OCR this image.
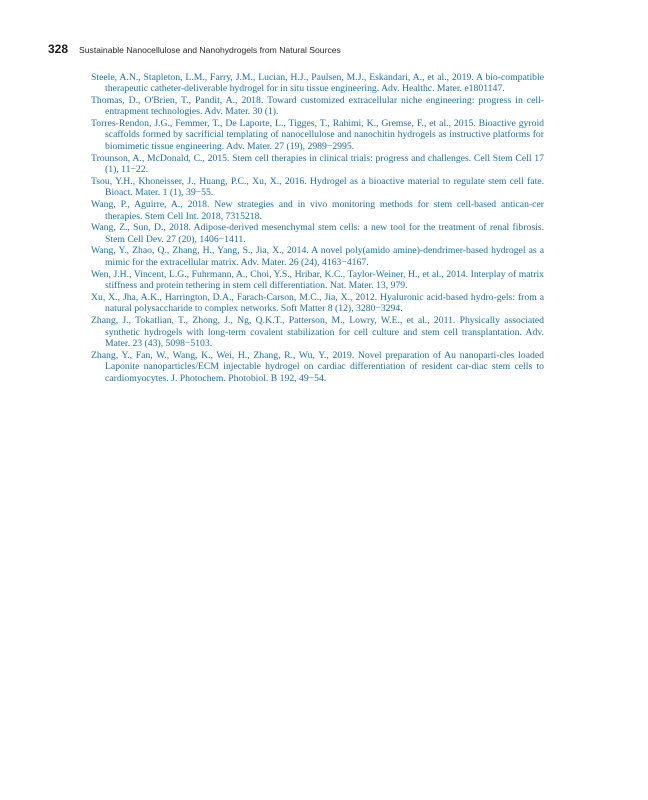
328 Sustainable Nanocellulose and Nanohydrogels from Natural Sources
Steele, A.N., Stapleton, L.M., Farry, J.M., Lucian, H.J., Paulsen, M.J., Eskandari, A., et al., 2019. A bio-compatible therapeutic catheter-deliverable hydrogel for in situ tissue engineering. Adv. Healthc. Mater. e1801147.
Thomas, D., O'Brien, T., Pandit, A., 2018. Toward customized extracellular niche engineering: progress in cell-entrapment technologies. Adv. Mater. 30 (1).
Torres-Rendon, J.G., Femmer, T., De Laporte, L., Tigges, T., Rahimi, K., Gremse, F., et al., 2015. Bioactive gyroid scaffolds formed by sacrificial templating of nanocellulose and nanochitin hydrogels as instructive platforms for biomimetic tissue engineering. Adv. Mater. 27 (19), 2989−2995.
Trounson, A., McDonald, C., 2015. Stem cell therapies in clinical trials: progress and challenges. Cell Stem Cell 17 (1), 11−22.
Tsou, Y.H., Khoneisser, J., Huang, P.C., Xu, X., 2016. Hydrogel as a bioactive material to regulate stem cell fate. Bioact. Mater. 1 (1), 39−55.
Wang, P., Aguirre, A., 2018. New strategies and in vivo monitoring methods for stem cell-based antican-cer therapies. Stem Cell Int. 2018, 7315218.
Wang, Z., Sun, D., 2018. Adipose-derived mesenchymal stem cells: a new tool for the treatment of renal fibrosis. Stem Cell Dev. 27 (20), 1406−1411.
Wang, Y., Zhao, Q., Zhang, H., Yang, S., Jia, X., 2014. A novel poly(amido amine)-dendrimer-based hydrogel as a mimic for the extracellular matrix. Adv. Mater. 26 (24), 4163−4167.
Wen, J.H., Vincent, L.G., Fuhrmann, A., Choi, Y.S., Hribar, K.C., Taylor-Weiner, H., et al., 2014. Interplay of matrix stiffness and protein tethering in stem cell differentiation. Nat. Mater. 13, 979.
Xu, X., Jha, A.K., Harrington, D.A., Farach-Carson, M.C., Jia, X., 2012. Hyaluronic acid-based hydro-gels: from a natural polysaccharide to complex networks. Soft Matter 8 (12), 3280−3294.
Zhang, J., Tokatlian, T., Zhong, J., Ng, Q.K.T., Patterson, M., Lowry, W.E., et al., 2011. Physically associated synthetic hydrogels with long-term covalent stabilization for cell culture and stem cell transplantation. Adv. Mater. 23 (43), 5098−5103.
Zhang, Y., Fan, W., Wang, K., Wei, H., Zhang, R., Wu, Y., 2019. Novel preparation of Au nanoparti-cles loaded Laponite nanoparticles/ECM injectable hydrogel on cardiac differentiation of resident car-diac stem cells to cardiomyocytes. J. Photochem. Photobiol. B 192, 49−54.
